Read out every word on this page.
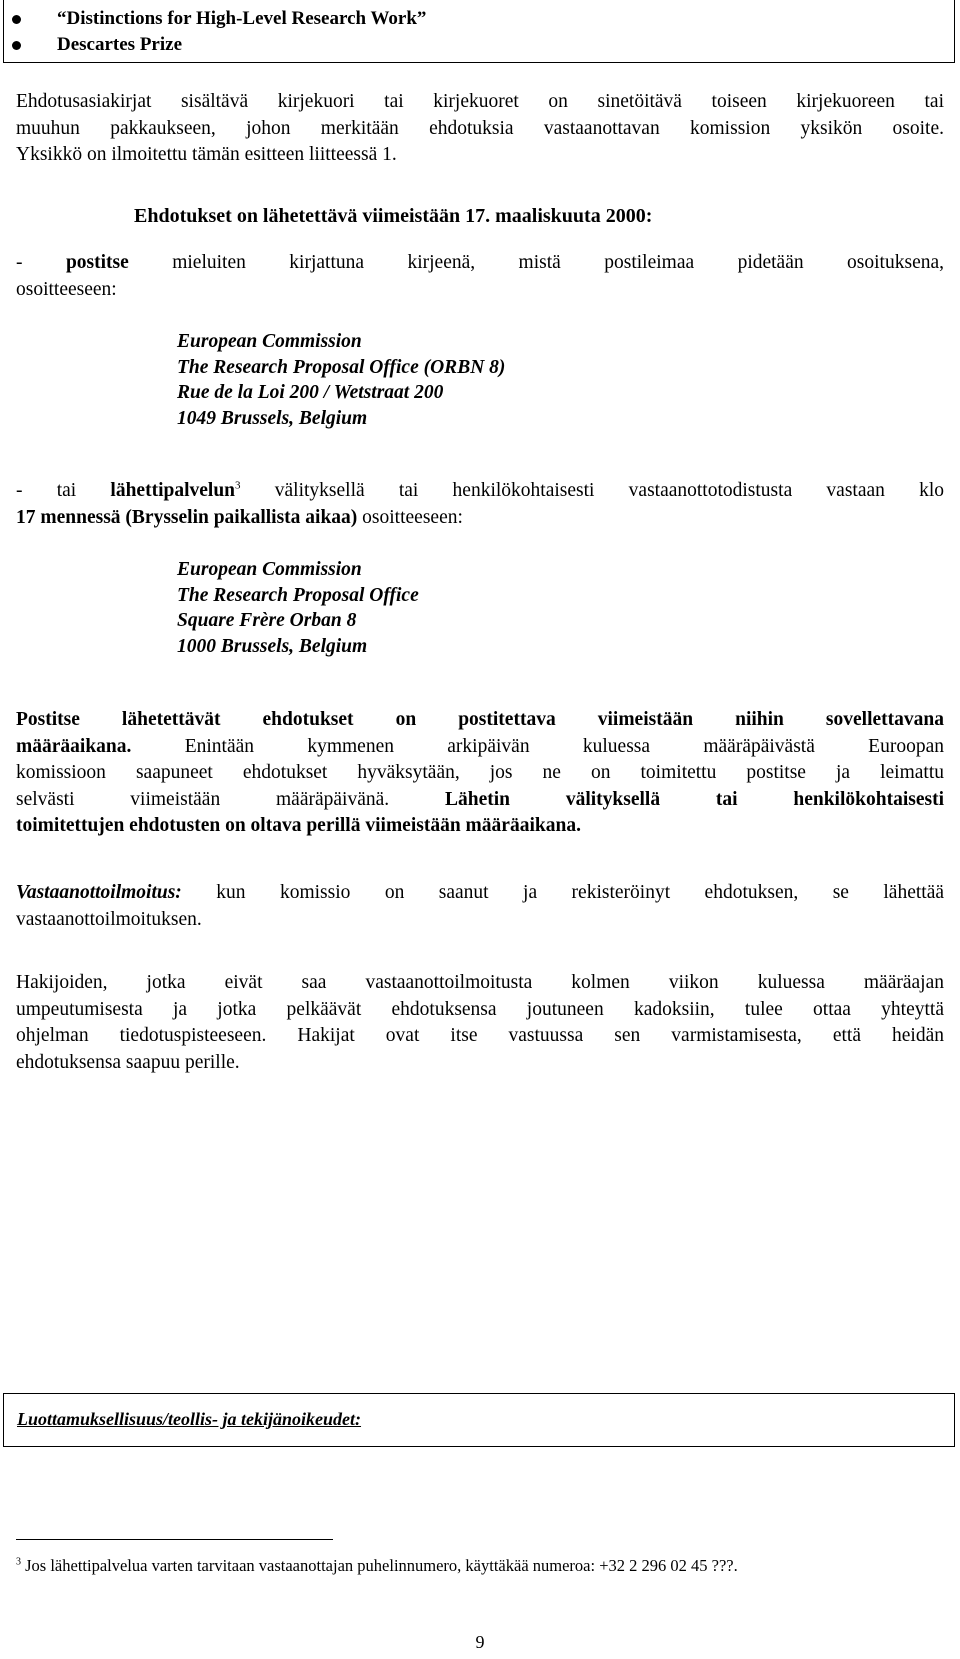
“Distinctions for High-Level Research Work”
Descartes Prize
Ehdotusasiakirjat sisältävä kirjekuori tai kirjekuoret on sinetöitävä toiseen kirjekuoreen tai
muuhun pakkaukseen, johon merkitään ehdotuksia vastaanottavan komission yksikön osoite.
Yksikkö on ilmoitettu tämän esitteen liitteessä 1.
Ehdotukset on lähetettävä viimeistään 17. maaliskuuta 2000:
- postitse mieluiten kirjattuna kirjeenä, mistä postileimaa pidetään osoituksena,
osoitteeseen:
European Commission
The Research Proposal Office (ORBN 8)
Rue de la Loi 200 / Wetstraat 200
1049 Brussels, Belgium
- tai lähettipalvelun$^3$ välityksellä tai henkilökohtaisesti vastaanottotodistusta vastaan klo
17 mennessä (Brysselin paikallista aikaa) osoitteeseen:
European Commission
The Research Proposal Office
Square Frère Orban 8
1000 Brussels, Belgium
Postitse lähetettävät ehdotukset on postitettava viimeistään niihin sovellettavana
määräaikana.	Enintään kymmenen arkipäivän kuluessa määräpäivästä Euroopan
komissioon saapuneet ehdotukset hyväksytään, jos ne on toimitettu postitse ja leimattu
selvästi viimeistään määräpäivänä.	Lähetin välityksellä tai henkilökohtaisesti
toimitettujen ehdotusten on oltava perillä viimeistään määräaikana.
Vastaanottoilmoitus: kun komissio on saanut ja rekisteröinyt ehdotuksen, se lähettää
vastaanottoilmoituksen.
Hakijoiden, jotka eivät saa vastaanottoilmoitusta kolmen viikon kuluessa määräajan
umpeutumisesta ja jotka pelkäävät ehdotuksensa joutuneen kadoksiin, tulee ottaa yhteyttä
ohjelman tiedotuspisteeseen. Hakijat ovat itse vastuussa sen varmistamisesta, että heidän
ehdotuksensa saapuu perille.
Luottamuksellisuus/teollis- ja tekijänoikeudet:
$^3$ Jos lähettipalvelua varten tarvitaan vastaanottajan puhelinnumero, käyttäkää numeroa: +32 2 296 02 45 ???.
9
